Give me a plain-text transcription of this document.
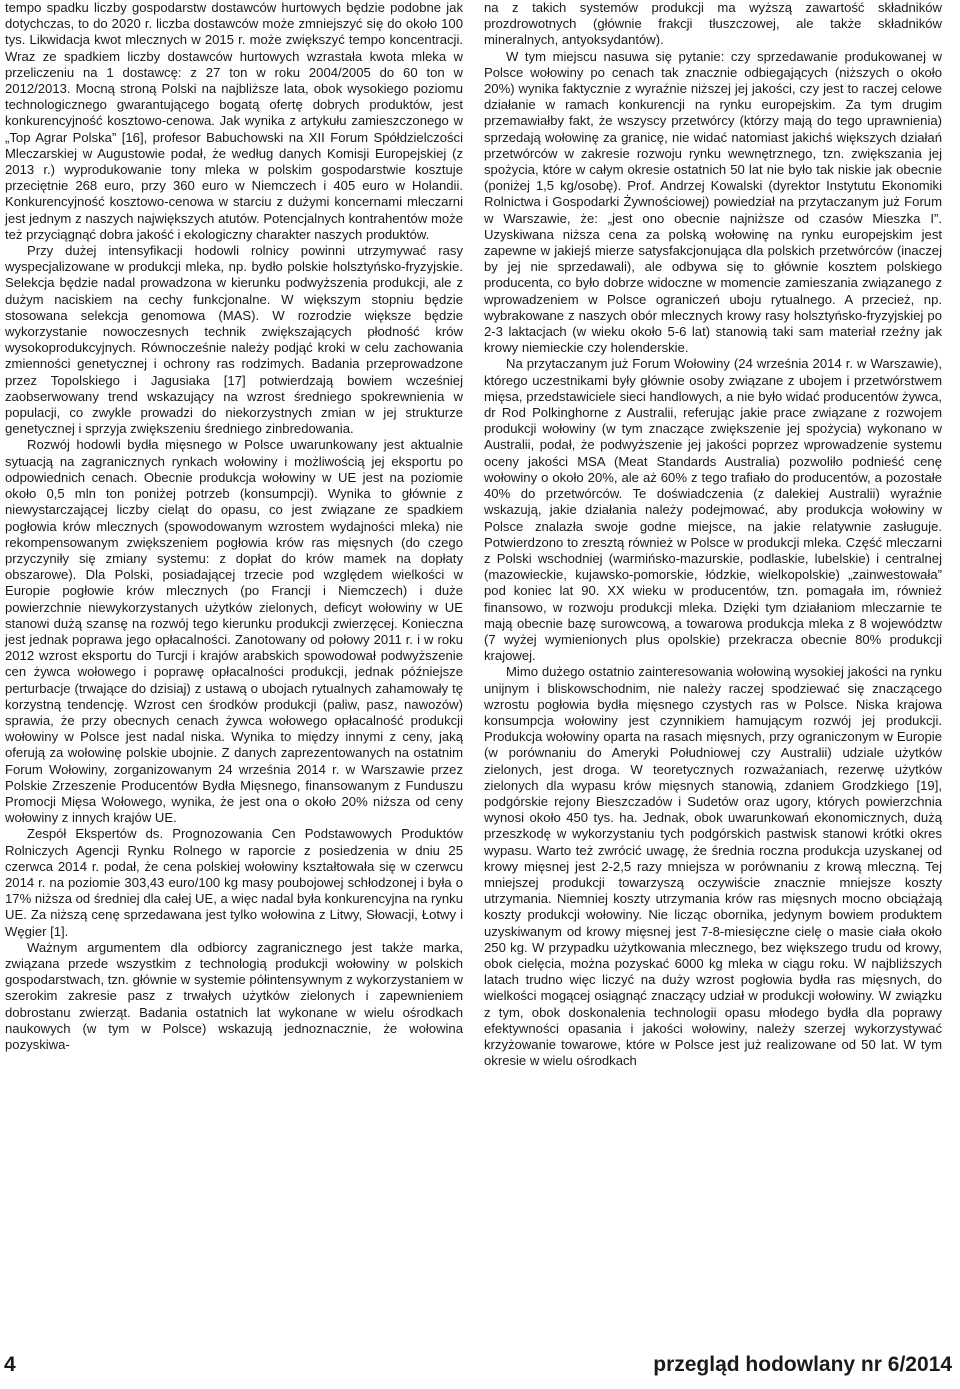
tempo spadku liczby gospodarstw dostawców hurtowych będzie podobne jak dotychczas, to do 2020 r. liczba dostawców może zmniejszyć się do około 100 tys. Likwidacja kwot mlecznych w 2015 r. może zwiększyć tempo koncentracji. Wraz ze spadkiem liczby dostawców hurtowych wzrastała kwota mleka w przeliczeniu na 1 dostawcę: z 27 ton w roku 2004/2005 do 60 ton w 2012/2013. Mocną stroną Polski na najbliższe lata, obok wysokiego poziomu technologicznego gwarantującego bogatą ofertę dobrych produktów, jest konkurencyjność kosztowo-cenowa. Jak wynika z artykułu zamieszczonego w „Top Agrar Polska” [16], profesor Babuchowski na XII Forum Spółdzielczości Mleczarskiej w Augustowie podał, że według danych Komisji Europejskiej (z 2013 r.) wyprodukowanie tony mleka w polskim gospodarstwie kosztuje przeciętnie 268 euro, przy 360 euro w Niemczech i 405 euro w Holandii. Konkurencyjność kosztowo-cenowa w starciu z dużymi koncernami mleczarni jest jednym z naszych największych atutów. Potencjalnych kontrahentów może też przyciągnąć dobra jakość i ekologiczny charakter naszych produktów.

Przy dużej intensyfikacji hodowli rolnicy powinni utrzymywać rasy wyspecjalizowane w produkcji mleka, np. bydło polskie holsztyńsko-fryzyjskie. Selekcja będzie nadal prowadzona w kierunku podwyższenia produkcji, ale z dużym naciskiem na cechy funkcjonalne. W większym stopniu będzie stosowana selekcja genomowa (MAS). W rozrodzie większe będzie wykorzystanie nowoczesnych technik zwiększających płodność krów wysokoprodukcyjnych. Równocześnie należy podjąć kroki w celu zachowania zmienności genetycznej i ochrony ras rodzimych. Badania przeprowadzone przez Topolskiego i Jagusiaka [17] potwierdzają bowiem wcześniej zaobserwowany trend wskazujący na wzrost średniego spokrewnienia w populacji, co zwykle prowadzi do niekorzystnych zmian w jej strukturze genetycznej i sprzyja zwiększeniu średniego zinbredowania.

Rozwój hodowli bydła mięsnego w Polsce uwarunkowany jest aktualnie sytuacją na zagranicznych rynkach wołowiny i możliwością jej eksportu po odpowiednich cenach. Obecnie produkcja wołowiny w UE jest na poziomie około 0,5 mln ton poniżej potrzeb (konsumpcji). Wynika to głównie z niewystarczającej liczby cieląt do opasu, co jest związane ze spadkiem pogłowia krów mlecznych (spowodowanym wzrostem wydajności mleka) nie rekompensowanym zwiększeniem pogłowia krów ras mięsnych (do czego przyczyniły się zmiany systemu: z dopłat do krów mamek na dopłaty obszarowe). Dla Polski, posiadającej trzecie pod względem wielkości w Europie pogłowie krów mlecznych (po Francji i Niemczech) i duże powierzchnie niewykorzystanych użytków zielonych, deficyt wołowiny w UE stanowi dużą szansę na rozwój tego kierunku produkcji zwierzęcej. Konieczna jest jednak poprawa jego opłacalności. Zanotowany od połowy 2011 r. i w roku 2012 wzrost eksportu do Turcji i krajów arabskich spowodował podwyższenie cen żywca wołowego i poprawę opłacalności produkcji, jednak późniejsze perturbacje (trwające do dzisiaj) z ustawą o ubojach rytualnych zahamowały tę korzystną tendencję. Wzrost cen środków produkcji (paliw, pasz, nawozów) sprawia, że przy obecnych cenach żywca wołowego opłacalność produkcji wołowiny w Polsce jest nadal niska. Wynika to między innymi z ceny, jaką oferują za wołowinę polskie ubojnie. Z danych zaprezentowanych na ostatnim Forum Wołowiny, zorganizowanym 24 września 2014 r. w Warszawie przez Polskie Zrzeszenie Producentów Bydła Mięsnego, finansowanym z Funduszu Promocji Mięsa Wołowego, wynika, że jest ona o około 20% niższa od ceny wołowiny z innych krajów UE.

Zespół Ekspertów ds. Prognozowania Cen Podstawowych Produktów Rolniczych Agencji Rynku Rolnego w raporcie z posiedzenia w dniu 25 czerwca 2014 r. podał, że cena polskiej wołowiny kształtowała się w czerwcu 2014 r. na poziomie 303,43 euro/100 kg masy poubojowej schłodzonej i była o 17% niższa od średniej dla całej UE, a więc nadal była konkurencyjna na rynku UE. Za niższą cenę sprzedawana jest tylko wołowina z Litwy, Słowacji, Łotwy i Węgier [1].

Ważnym argumentem dla odbiorcy zagranicznego jest także marka, związana przede wszystkim z technologią produkcji wołowiny w polskich gospodarstwach, tzn. głównie w systemie półintensywnym z wykorzystaniem w szerokim zakresie pasz z trwałych użytków zielonych i zapewnieniem dobrostanu zwierząt. Badania ostatnich lat wykonane w wielu ośrodkach naukowych (w tym w Polsce) wskazują jednoznacznie, że wołowina pozyskiwa-

na z takich systemów produkcji ma wyższą zawartość składników prozdrowotnych (głównie frakcji tłuszczowej, ale także składników mineralnych, antyoksydantów).

W tym miejscu nasuwa się pytanie: czy sprzedawanie produkowanej w Polsce wołowiny po cenach tak znacznie odbiegających (niższych o około 20%) wynika faktycznie z wyraźnie niższej jej jakości, czy jest to raczej celowe działanie w ramach konkurencji na rynku europejskim. Za tym drugim przemawiałby fakt, że wszyscy przetwórcy (którzy mają do tego uprawnienia) sprzedają wołowinę za granicę, nie widać natomiast jakichś większych działań przetwórców w zakresie rozwoju rynku wewnętrznego, tzn. zwiększania jej spożycia, które w całym okresie ostatnich 50 lat nie było tak niskie jak obecnie (poniżej 1,5 kg/osobę). Prof. Andrzej Kowalski (dyrektor Instytutu Ekonomiki Rolnictwa i Gospodarki Żywnościowej) powiedział na przytaczanym już Forum w Warszawie, że: „jest ono obecnie najniższe od czasów Mieszka I”. Uzyskiwana niższa cena za polską wołowinę na rynku europejskim jest zapewne w jakiejś mierze satysfakcjonująca dla polskich przetwórców (inaczej by jej nie sprzedawali), ale odbywa się to głównie kosztem polskiego producenta, co było dobrze widoczne w momencie zamieszania związanego z wprowadzeniem w Polsce ograniczeń uboju rytualnego. A przecież, np. wybrakowane z naszych obór mlecznych krowy rasy holsztyńsko-fryzyjskiej po 2-3 laktacjach (w wieku około 5-6 lat) stanowią taki sam materiał rzeźny jak krowy niemieckie czy holenderskie.

Na przytaczanym już Forum Wołowiny (24 września 2014 r. w Warszawie), którego uczestnikami były głównie osoby związane z ubojem i przetwórstwem mięsa, przedstawiciele sieci handlowych, a nie było widać producentów żywca, dr Rod Polkinghorne z Australii, referując jakie prace związane z rozwojem produkcji wołowiny (w tym znaczące zwiększenie jej spożycia) wykonano w Australii, podał, że podwyższenie jej jakości poprzez wprowadzenie systemu oceny jakości MSA (Meat Standards Australia) pozwoliło podnieść cenę wołowiny o około 20%, ale aż 60% z tego trafiało do producentów, a pozostałe 40% do przetwórców. Te doświadczenia (z dalekiej Australii) wyraźnie wskazują, jakie działania należy podejmować, aby produkcja wołowiny w Polsce znalazła swoje godne miejsce, na jakie relatywnie zasługuje. Potwierdzono to zresztą również w Polsce w produkcji mleka. Część mleczarni z Polski wschodniej (warmińsko-mazurskie, podlaskie, lubelskie) i centralnej (mazowieckie, kujawsko-pomorskie, łódzkie, wielkopolskie) „zainwestowała” pod koniec lat 90. XX wieku w producentów, tzn. pomagała im, również finansowo, w rozwoju produkcji mleka. Dzięki tym działaniom mleczarnie te mają obecnie bazę surowcową, a towarowa produkcja mleka z 8 województw (7 wyżej wymienionych plus opolskie) przekracza obecnie 80% produkcji krajowej.

Mimo dużego ostatnio zainteresowania wołowiną wysokiej jakości na rynku unijnym i bliskowschodnim, nie należy raczej spodziewać się znaczącego wzrostu pogłowia bydła mięsnego czystych ras w Polsce. Niska krajowa konsumpcja wołowiny jest czynnikiem hamującym rozwój jej produkcji. Produkcja wołowiny oparta na rasach mięsnych, przy ograniczonym w Europie (w porównaniu do Ameryki Południowej czy Australii) udziale użytków zielonych, jest droga. W teoretycznych rozważaniach, rezerwę użytków zielonych dla wypasu krów mięsnych stanowią, zdaniem Grodzkiego [19], podgórskie rejony Bieszczadów i Sudetów oraz ugory, których powierzchnia wynosi około 450 tys. ha. Jednak, obok uwarunkowań ekonomicznych, dużą przeszkodę w wykorzystaniu tych podgórskich pastwisk stanowi krótki okres wypasu. Warto też zwrócić uwagę, że średnia roczna produkcja uzyskanej od krowy mięsnej jest 2-2,5 razy mniejsza w porównaniu z krową mleczną. Tej mniejszej produkcji towarzyszą oczywiście znacznie mniejsze koszty utrzymania. Niemniej koszty utrzymania krów ras mięsnych mocno obciążają koszty produkcji wołowiny. Nie licząc obornika, jedynym bowiem produktem uzyskiwanym od krowy mięsnej jest 7-8-miesięczne cielę o masie ciała około 250 kg. W przypadku użytkowania mlecznego, bez większego trudu od krowy, obok cielęcia, można pozyskać 6000 kg mleka w ciągu roku. W najbliższych latach trudno więc liczyć na duży wzrost pogłowia bydła ras mięsnych, do wielkości mogącej osiągnąć znaczący udział w produkcji wołowiny. W związku z tym, obok doskonalenia technologii opasu młodego bydła dla poprawy efektywności opasania i jakości wołowiny, należy szerzej wykorzystywać krzyżowanie towarowe, które w Polsce jest już realizowane od 50 lat. W tym okresie w wielu ośrodkach

4	przegląd hodowlany nr 6/2014
